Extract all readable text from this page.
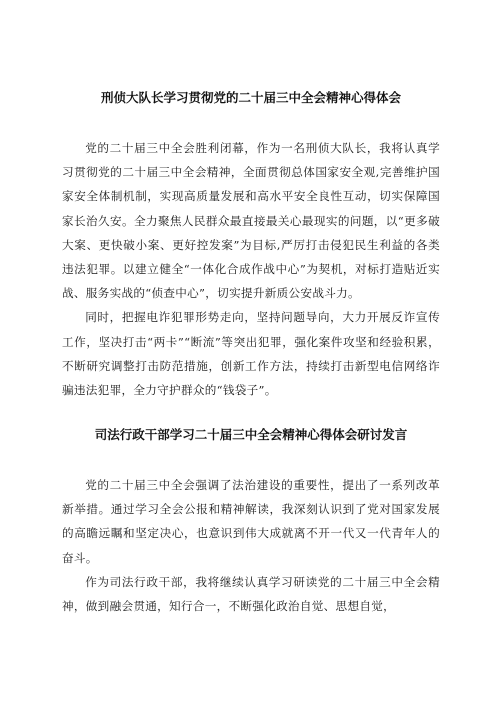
刑侦大队长学习贯彻党的二十届三中全会精神心得体会

党的二十届三中全会胜利闭幕，作为一名刑侦大队长，我将认真学习贯彻党的二十届三中全会精神，全面贯彻总体国家安全观,完善维护国家安全体制机制，实现高质量发展和高水平安全良性互动，切实保障国家长治久安。全力聚焦人民群众最直接最关心最现实的问题，以“更多破大案、更快破小案、更好控发案”为目标,严厉打击侵犯民生利益的各类违法犯罪。以建立健全“一体化合成作战中心”为契机，对标打造贴近实战、服务实战的“侦查中心”，切实提升新质公安战斗力。

同时，把握电诈犯罪形势走向，坚持问题导向，大力开展反诈宣传工作，坚决打击“两卡”“断流”等突出犯罪，强化案件攻坚和经验积累，不断研究调整打击防范措施，创新工作方法，持续打击新型电信网络诈骗违法犯罪，全力守护群众的“钱袋子”。

司法行政干部学习二十届三中全会精神心得体会研讨发言

党的二十届三中全会强调了法治建设的重要性，提出了一系列改革新举措。通过学习全会公报和精神解读，我深刻认识到了党对国家发展的高瞻远瞩和坚定决心，也意识到伟大成就离不开一代又一代青年人的奋斗。

作为司法行政干部，我将继续认真学习研读党的二十届三中全会精神，做到融会贯通，知行合一，不断强化政治自觉、思想自觉，
